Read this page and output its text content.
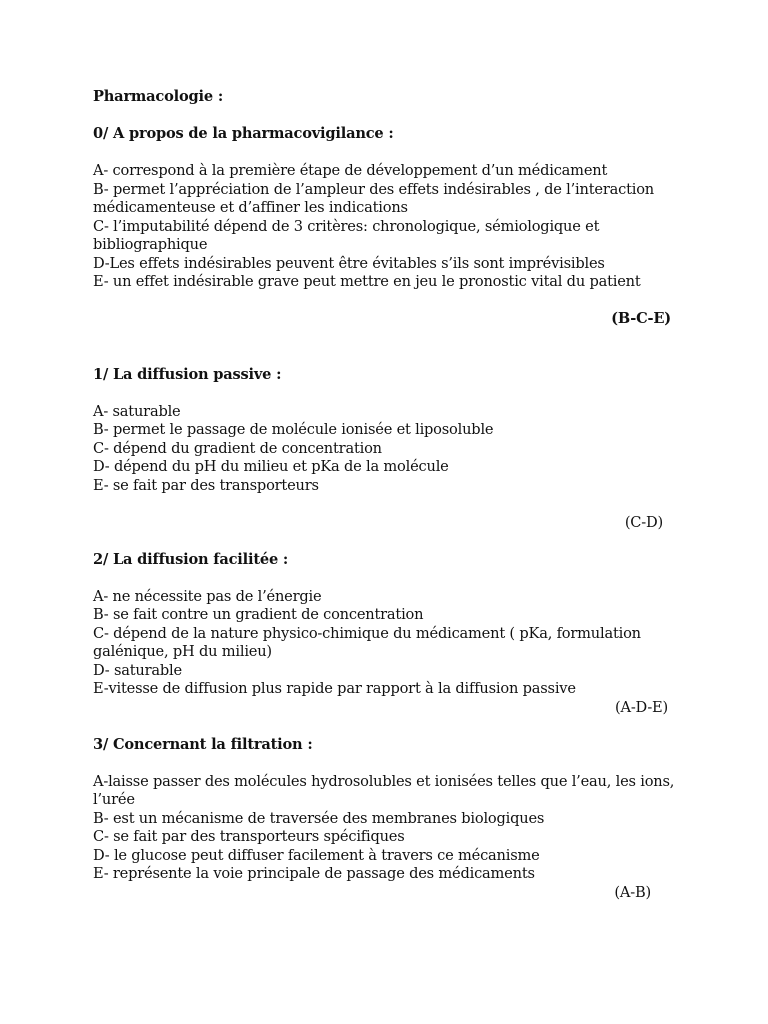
Pharmacologie :

0/ A propos de la pharmacovigilance :

A- correspond à la première étape de développement d’un médicament

B- permet l’appréciation de l’ampleur des effets indésirables , de l’interaction médicamenteuse et d’affiner les indications

C- l’imputabilité dépend de 3 critères: chronologique, sémiologique et bibliographique

D-Les effets indésirables peuvent être évitables s’ils sont imprévisibles

E- un effet indésirable grave peut mettre en jeu le pronostic vital du patient

(B-C-E)

1/ La diffusion passive :

A- saturable

B- permet le passage de molécule ionisée et liposoluble

C- dépend du gradient de concentration

D- dépend du pH du milieu et pKa de la molécule

E- se fait par des transporteurs

(C-D)

2/ La diffusion facilitée :

A- ne nécessite pas de l’énergie

B- se fait contre un gradient de concentration

C- dépend de la nature physico-chimique du médicament ( pKa, formulation galénique, pH du milieu)

D- saturable

E-vitesse de diffusion plus rapide par rapport à la diffusion passive

(A-D-E)

3/ Concernant la filtration :

A-laisse passer des molécules hydrosolubles et ionisées telles que l’eau, les ions, l’urée

B- est un mécanisme de traversée des membranes biologiques

C- se fait par des transporteurs spécifiques

D- le glucose peut diffuser facilement à travers ce mécanisme

E- représente la voie principale de passage des médicaments

(A-B)
